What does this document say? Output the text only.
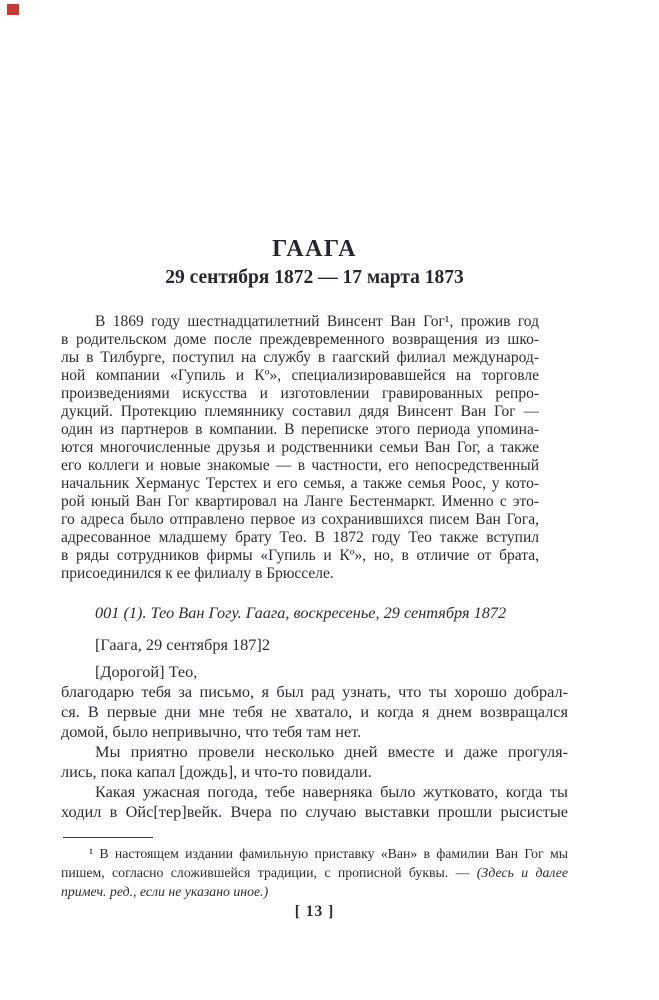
ГААГА
29 сентября 1872 — 17 марта 1873
В 1869 году шестнадцатилетний Винсент Ван Гог¹, прожив год
в родительском доме после преждевременного возвращения из шко-
лы в Тилбурге, поступил на службу в гаагский филиал международ-
ной компании «Гупиль и Кº», специализировавшейся на торговле
произведениями искусства и изготовлении гравированных репро-
дукций. Протекцию племяннику составил дядя Винсент Ван Гог —
один из партнеров в компании. В переписке этого периода упомина-
ются многочисленные друзья и родственники семьи Ван Гог, а также
его коллеги и новые знакомые — в частности, его непосредственный
начальник Херманус Терстех и его семья, а также семья Роос, у кото-
рой юный Ван Гог квартировал на Ланге Бестенмаркт. Именно с это-
го адреса было отправлено первое из сохранившихся писем Ван Гога,
адресованное младшему брату Тео. В 1872 году Тео также вступил
в ряды сотрудников фирмы «Гупиль и Кº», но, в отличие от брата,
присоединился к ее филиалу в Брюсселе.
001 (1). Тео Ван Гогу. Гаага, воскресенье, 29 сентября 1872
[Гаага, 29 сентября 187]2
[Дорогой] Тео,
благодарю тебя за письмо, я был рад узнать, что ты хорошо добрал-
ся. В первые дни мне тебя не хватало, и когда я днем возвращался
домой, было непривычно, что тебя там нет.
Мы приятно провели несколько дней вместе и даже прогуля-
лись, пока капал [дождь], и что-то повидали.
Какая ужасная погода, тебе наверняка было жутковато, когда ты
ходил в Ойс[тер]вейк. Вчера по случаю выставки прошли рысистые
¹ В настоящем издании фамильную приставку «Ван» в фамилии Ван Гог мы
пишем, согласно сложившейся традиции, с прописной буквы. — (Здесь и далее
примеч. ред., если не указано иное.)
[ 13 ]
